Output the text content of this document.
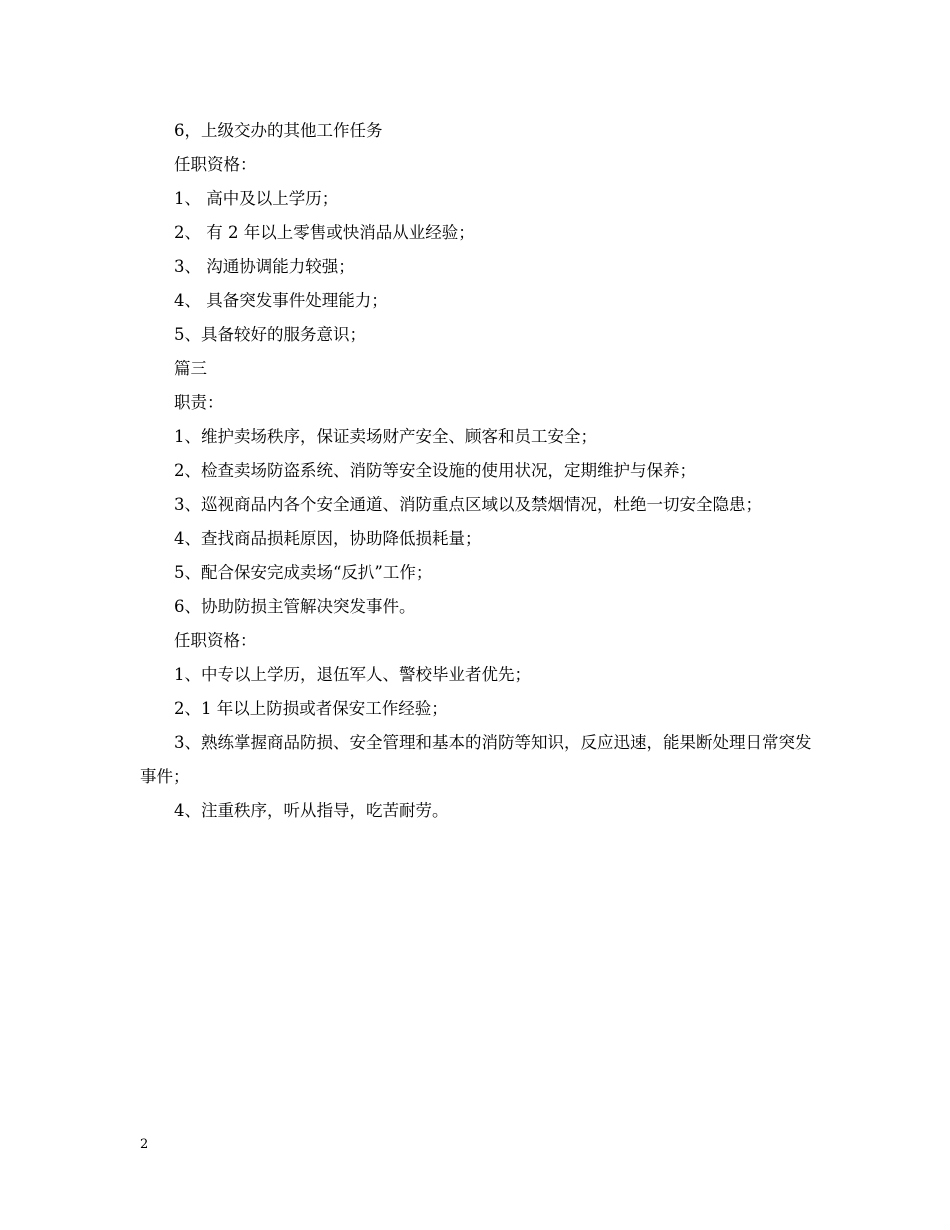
6，上级交办的其他工作任务

任职资格：

1、 高中及以上学历；

2、 有 2 年以上零售或快消品从业经验；

3、 沟通协调能力较强；

4、 具备突发事件处理能力；

5、具备较好的服务意识；

篇三

职责：

1、维护卖场秩序，保证卖场财产安全、顾客和员工安全；

2、检查卖场防盗系统、消防等安全设施的使用状况，定期维护与保养；

3、巡视商品内各个安全通道、消防重点区域以及禁烟情况，杜绝一切安全隐患；

4、查找商品损耗原因，协助降低损耗量；

5、配合保安完成卖场“反扒”工作；

6、协助防损主管解决突发事件。

任职资格：

1、中专以上学历，退伍军人、警校毕业者优先；

2、1 年以上防损或者保安工作经验；

3、熟练掌握商品防损、安全管理和基本的消防等知识，反应迅速，能果断处理日常突发事件；

4、注重秩序，听从指导，吃苦耐劳。

2
